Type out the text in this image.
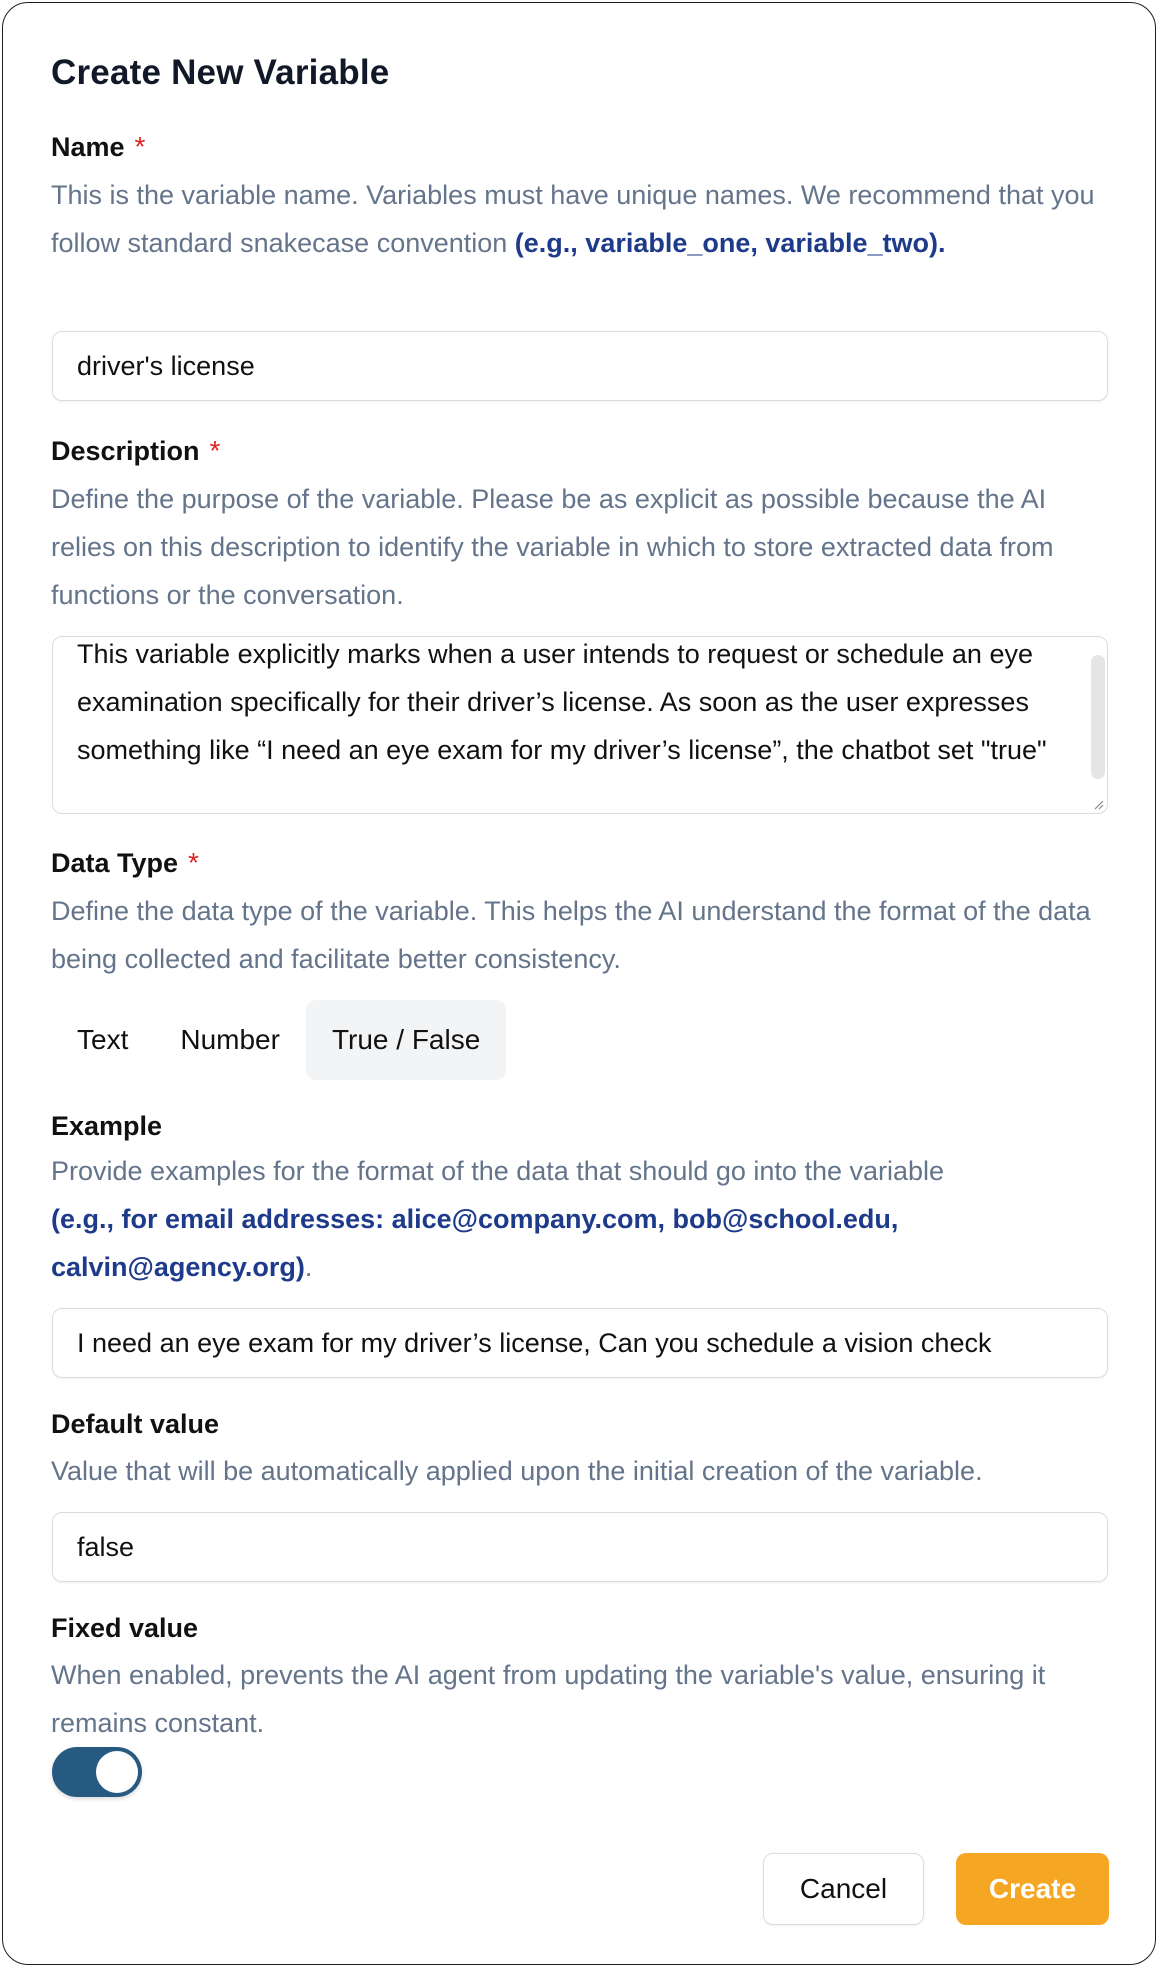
Create New Variable
Name *
This is the variable name. Variables must have unique names. We recommend that you follow standard snakecase convention (e.g., variable_one, variable_two).
driver's license
Description *
Define the purpose of the variable. Please be as explicit as possible because the AI relies on this description to identify the variable in which to store extracted data from functions or the conversation.
This variable explicitly marks when a user intends to request or schedule an eye examination specifically for their driver’s license. As soon as the user expresses something like “I need an eye exam for my driver’s license”, the chatbot set "true"
Data Type *
Define the data type of the variable. This helps the AI understand the format of the data being collected and facilitate better consistency.
Text	Number	True / False
Example
Provide examples for the format of the data that should go into the variable
(e.g., for email addresses: alice@company.com, bob@school.edu, calvin@agency.org).
I need an eye exam for my driver’s license, Can you schedule a vision check
Default value
Value that will be automatically applied upon the initial creation of the variable.
false
Fixed value
When enabled, prevents the AI agent from updating the variable's value, ensuring it remains constant.
Cancel	Create
